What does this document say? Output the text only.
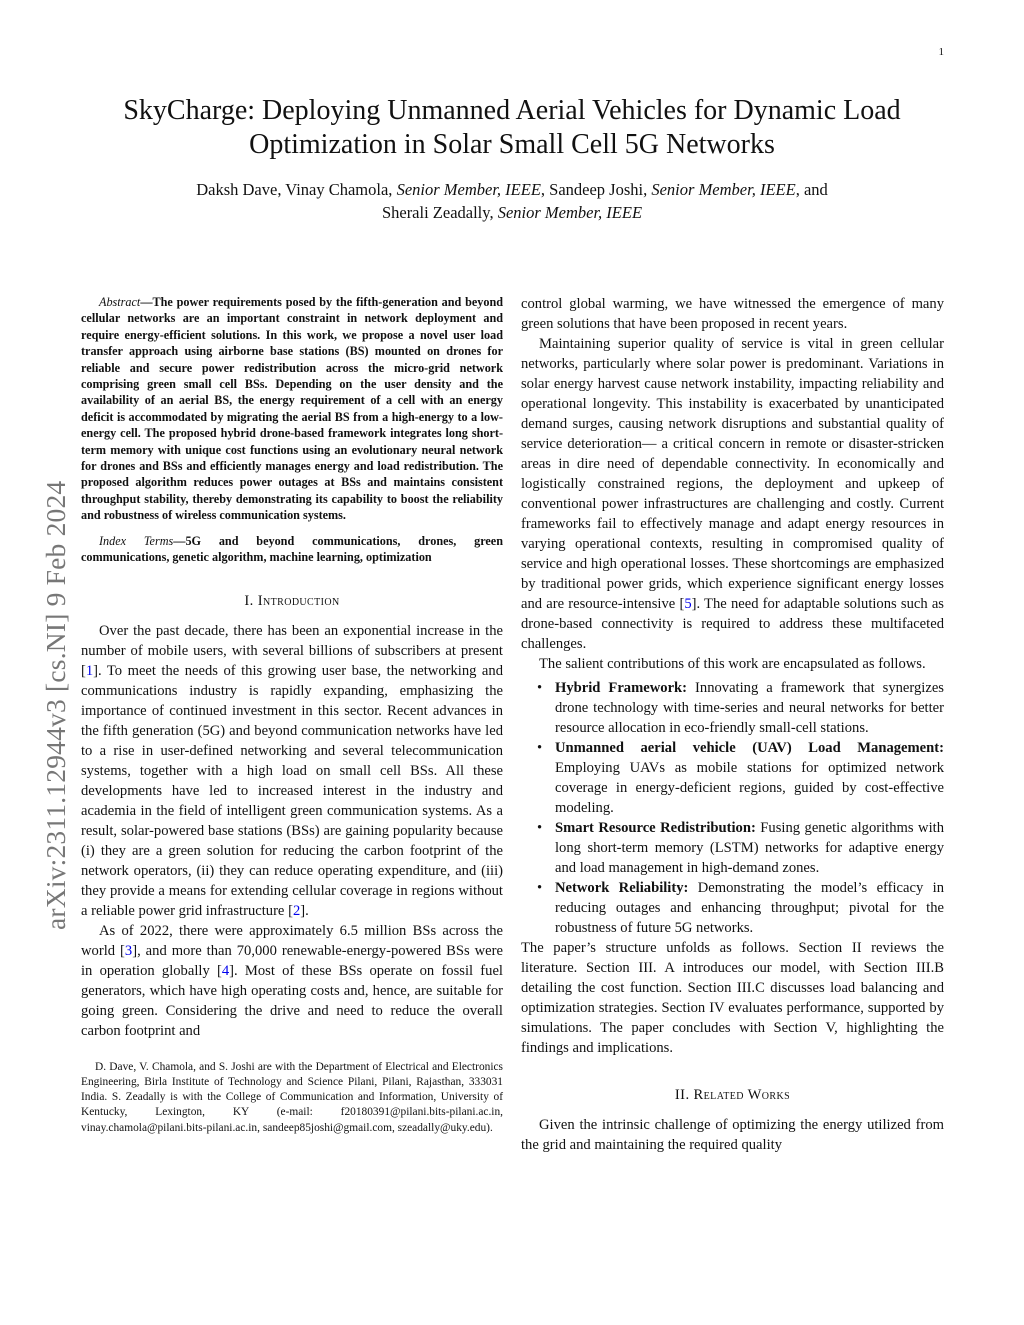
1
arXiv:2311.12944v3 [cs.NI] 9 Feb 2024
SkyCharge: Deploying Unmanned Aerial Vehicles for Dynamic Load Optimization in Solar Small Cell 5G Networks
Daksh Dave, Vinay Chamola, Senior Member, IEEE, Sandeep Joshi, Senior Member, IEEE, and
Sherali Zeadally, Senior Member, IEEE

Abstract—The power requirements posed by the fifth-generation and beyond cellular networks are an important constraint in network deployment and require energy-efficient solutions. In this work, we propose a novel user load transfer approach using airborne base stations (BS) mounted on drones for reliable and secure power redistribution across the micro-grid network comprising green small cell BSs. Depending on the user density and the availability of an aerial BS, the energy requirement of a cell with an energy deficit is accommodated by migrating the aerial BS from a high-energy to a low-energy cell. The proposed hybrid drone-based framework integrates long short-term memory with unique cost functions using an evolutionary neural network for drones and BSs and efficiently manages energy and load redistribution. The proposed algorithm reduces power outages at BSs and maintains consistent throughput stability, thereby demonstrating its capability to boost the reliability and robustness of wireless communication systems.

Index Terms—5G and beyond communications, drones, green communications, genetic algorithm, machine learning, optimization

I. Introduction

Over the past decade, there has been an exponential increase in the number of mobile users, with several billions of subscribers at present [ 1 ] . To meet the needs of this growing user base, the networking and communications industry is rapidly expanding, emphasizing the importance of continued investment in this sector. Recent advances in the fifth generation (5G) and beyond communication networks have led to a rise in user-defined networking and several telecommunication systems, together with a high load on small cell BSs. All these developments have led to increased interest in the industry and academia in the field of intelligent green communication systems. As a result, solar-powered base stations (BSs) are gaining popularity because (i) they are a green solution for reducing the carbon footprint of the network operators, (ii) they can reduce operating expenditure, and (iii) they provide a means for extending cellular coverage in regions without a reliable power grid infrastructure [ 2 ] .

As of 2022, there were approximately 6.5 million BSs across the world [ 3 ] , and more than 70,000 renewable-energy-powered BSs were in operation globally [ 4 ] . Most of these BSs operate on fossil fuel generators, which have high operating costs and, hence, are suitable for going green. Considering the drive and need to reduce the overall carbon footprint and

D. Dave, V. Chamola, and S. Joshi are with the Department of Electrical and Electronics Engineering, Birla Institute of Technology and Science Pilani, Pilani, Rajasthan, 333031 India. S. Zeadally is with the College of Communication and Information, University of Kentucky, Lexington, KY (e-mail: f20180391@pilani.bits-pilani.ac.in, vinay.chamola@pilani.bits-pilani.ac.in, sandeep85joshi@gmail.com, szeadally@uky.edu).

control global warming, we have witnessed the emergence of many green solutions that have been proposed in recent years.

Maintaining superior quality of service is vital in green cellular networks, particularly where solar power is predominant. Variations in solar energy harvest cause network instability, impacting reliability and operational longevity. This instability is exacerbated by unanticipated demand surges, causing network disruptions and substantial quality of service deterioration— a critical concern in remote or disaster-stricken areas in dire need of dependable connectivity. In economically and logistically constrained regions, the deployment and upkeep of conventional power infrastructures are challenging and costly. Current frameworks fail to effectively manage and adapt energy resources in varying operational contexts, resulting in compromised quality of service and high operational losses. These shortcomings are emphasized by traditional power grids, which experience significant energy losses and are resource-intensive [ 5 ] . The need for adaptable solutions such as drone-based connectivity is required to address these multifaceted challenges.

The salient contributions of this work are encapsulated as follows.

• Hybrid Framework: Innovating a framework that synergizes drone technology with time-series and neural networks for better resource allocation in eco-friendly small-cell stations.
• Unmanned aerial vehicle (UAV) Load Management: Employing UAVs as mobile stations for optimized network coverage in energy-deficient regions, guided by cost-effective modeling.
• Smart Resource Redistribution: Fusing genetic algorithms with long short-term memory (LSTM) networks for adaptive energy and load management in high-demand zones.
• Network Reliability: Demonstrating the model’s efficacy in reducing outages and enhancing throughput; pivotal for the robustness of future 5G networks.

The paper’s structure unfolds as follows. Section II reviews the literature. Section III. A introduces our model, with Section III.B detailing the cost function. Section III.C discusses load balancing and optimization strategies. Section IV evaluates performance, supported by simulations. The paper concludes with Section V, highlighting the findings and implications.

II. Related Works

Given the intrinsic challenge of optimizing the energy utilized from the grid and maintaining the required quality
